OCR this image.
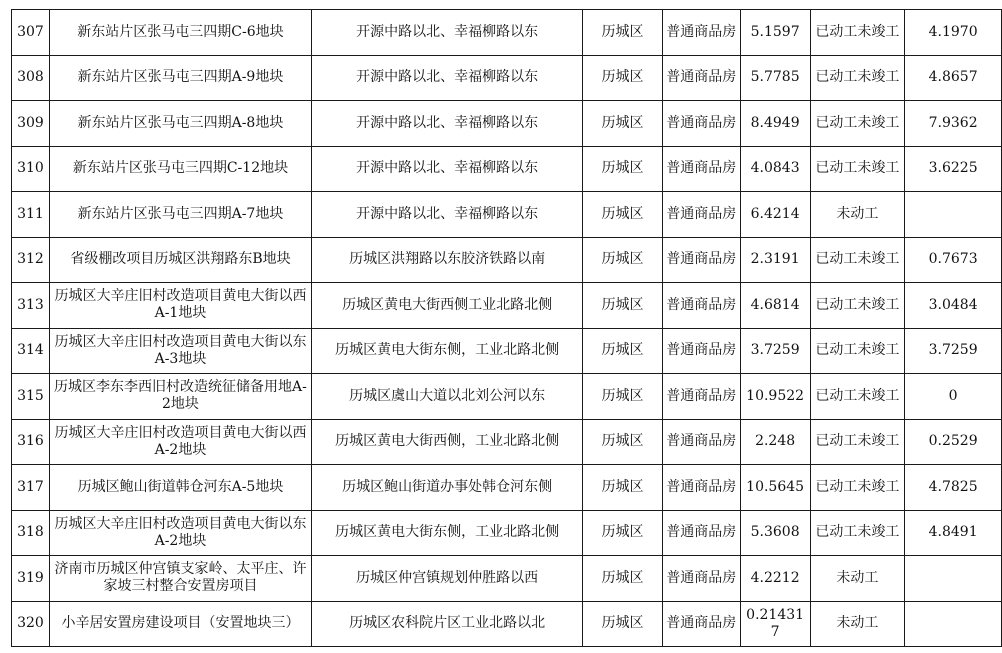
307	新东站片区张马屯三四期C-6地块	开源中路以北、幸福柳路以东	历城区	普通商品房	5.1597	已动工未竣工	4.1970
308	新东站片区张马屯三四期A-9地块	开源中路以北、幸福柳路以东	历城区	普通商品房	5.7785	已动工未竣工	4.8657
309	新东站片区张马屯三四期A-8地块	开源中路以北、幸福柳路以东	历城区	普通商品房	8.4949	已动工未竣工	7.9362
310	新东站片区张马屯三四期C-12地块	开源中路以北、幸福柳路以东	历城区	普通商品房	4.0843	已动工未竣工	3.6225
311	新东站片区张马屯三四期A-7地块	开源中路以北、幸福柳路以东	历城区	普通商品房	6.4214	未动工	
312	省级棚改项目历城区洪翔路东B地块	历城区洪翔路以东胶济铁路以南	历城区	普通商品房	2.3191	已动工未竣工	0.7673
313	历城区大辛庄旧村改造项目黄电大街以西A-1地块	历城区黄电大街西侧工业北路北侧	历城区	普通商品房	4.6814	已动工未竣工	3.0484
314	历城区大辛庄旧村改造项目黄电大街以东A-3地块	历城区黄电大街东侧，工业北路北侧	历城区	普通商品房	3.7259	已动工未竣工	3.7259
315	历城区李东李西旧村改造统征储备用地A-2地块	历城区虞山大道以北刘公河以东	历城区	普通商品房	10.9522	已动工未竣工	0
316	历城区大辛庄旧村改造项目黄电大街以西A-2地块	历城区黄电大街西侧，工业北路北侧	历城区	普通商品房	2.248	已动工未竣工	0.2529
317	历城区鲍山街道韩仓河东A-5地块	历城区鲍山街道办事处韩仓河东侧	历城区	普通商品房	10.5645	已动工未竣工	4.7825
318	历城区大辛庄旧村改造项目黄电大街以东A-2地块	历城区黄电大街东侧，工业北路北侧	历城区	普通商品房	5.3608	已动工未竣工	4.8491
319	济南市历城区仲宫镇支家岭、太平庄、许家坡三村整合安置房项目	历城区仲宫镇规划仲胜路以西	历城区	普通商品房	4.2212	未动工	
320	小辛居安置房建设项目（安置地块三）	历城区农科院片区工业北路以北	历城区	普通商品房	0.214317	未动工	
